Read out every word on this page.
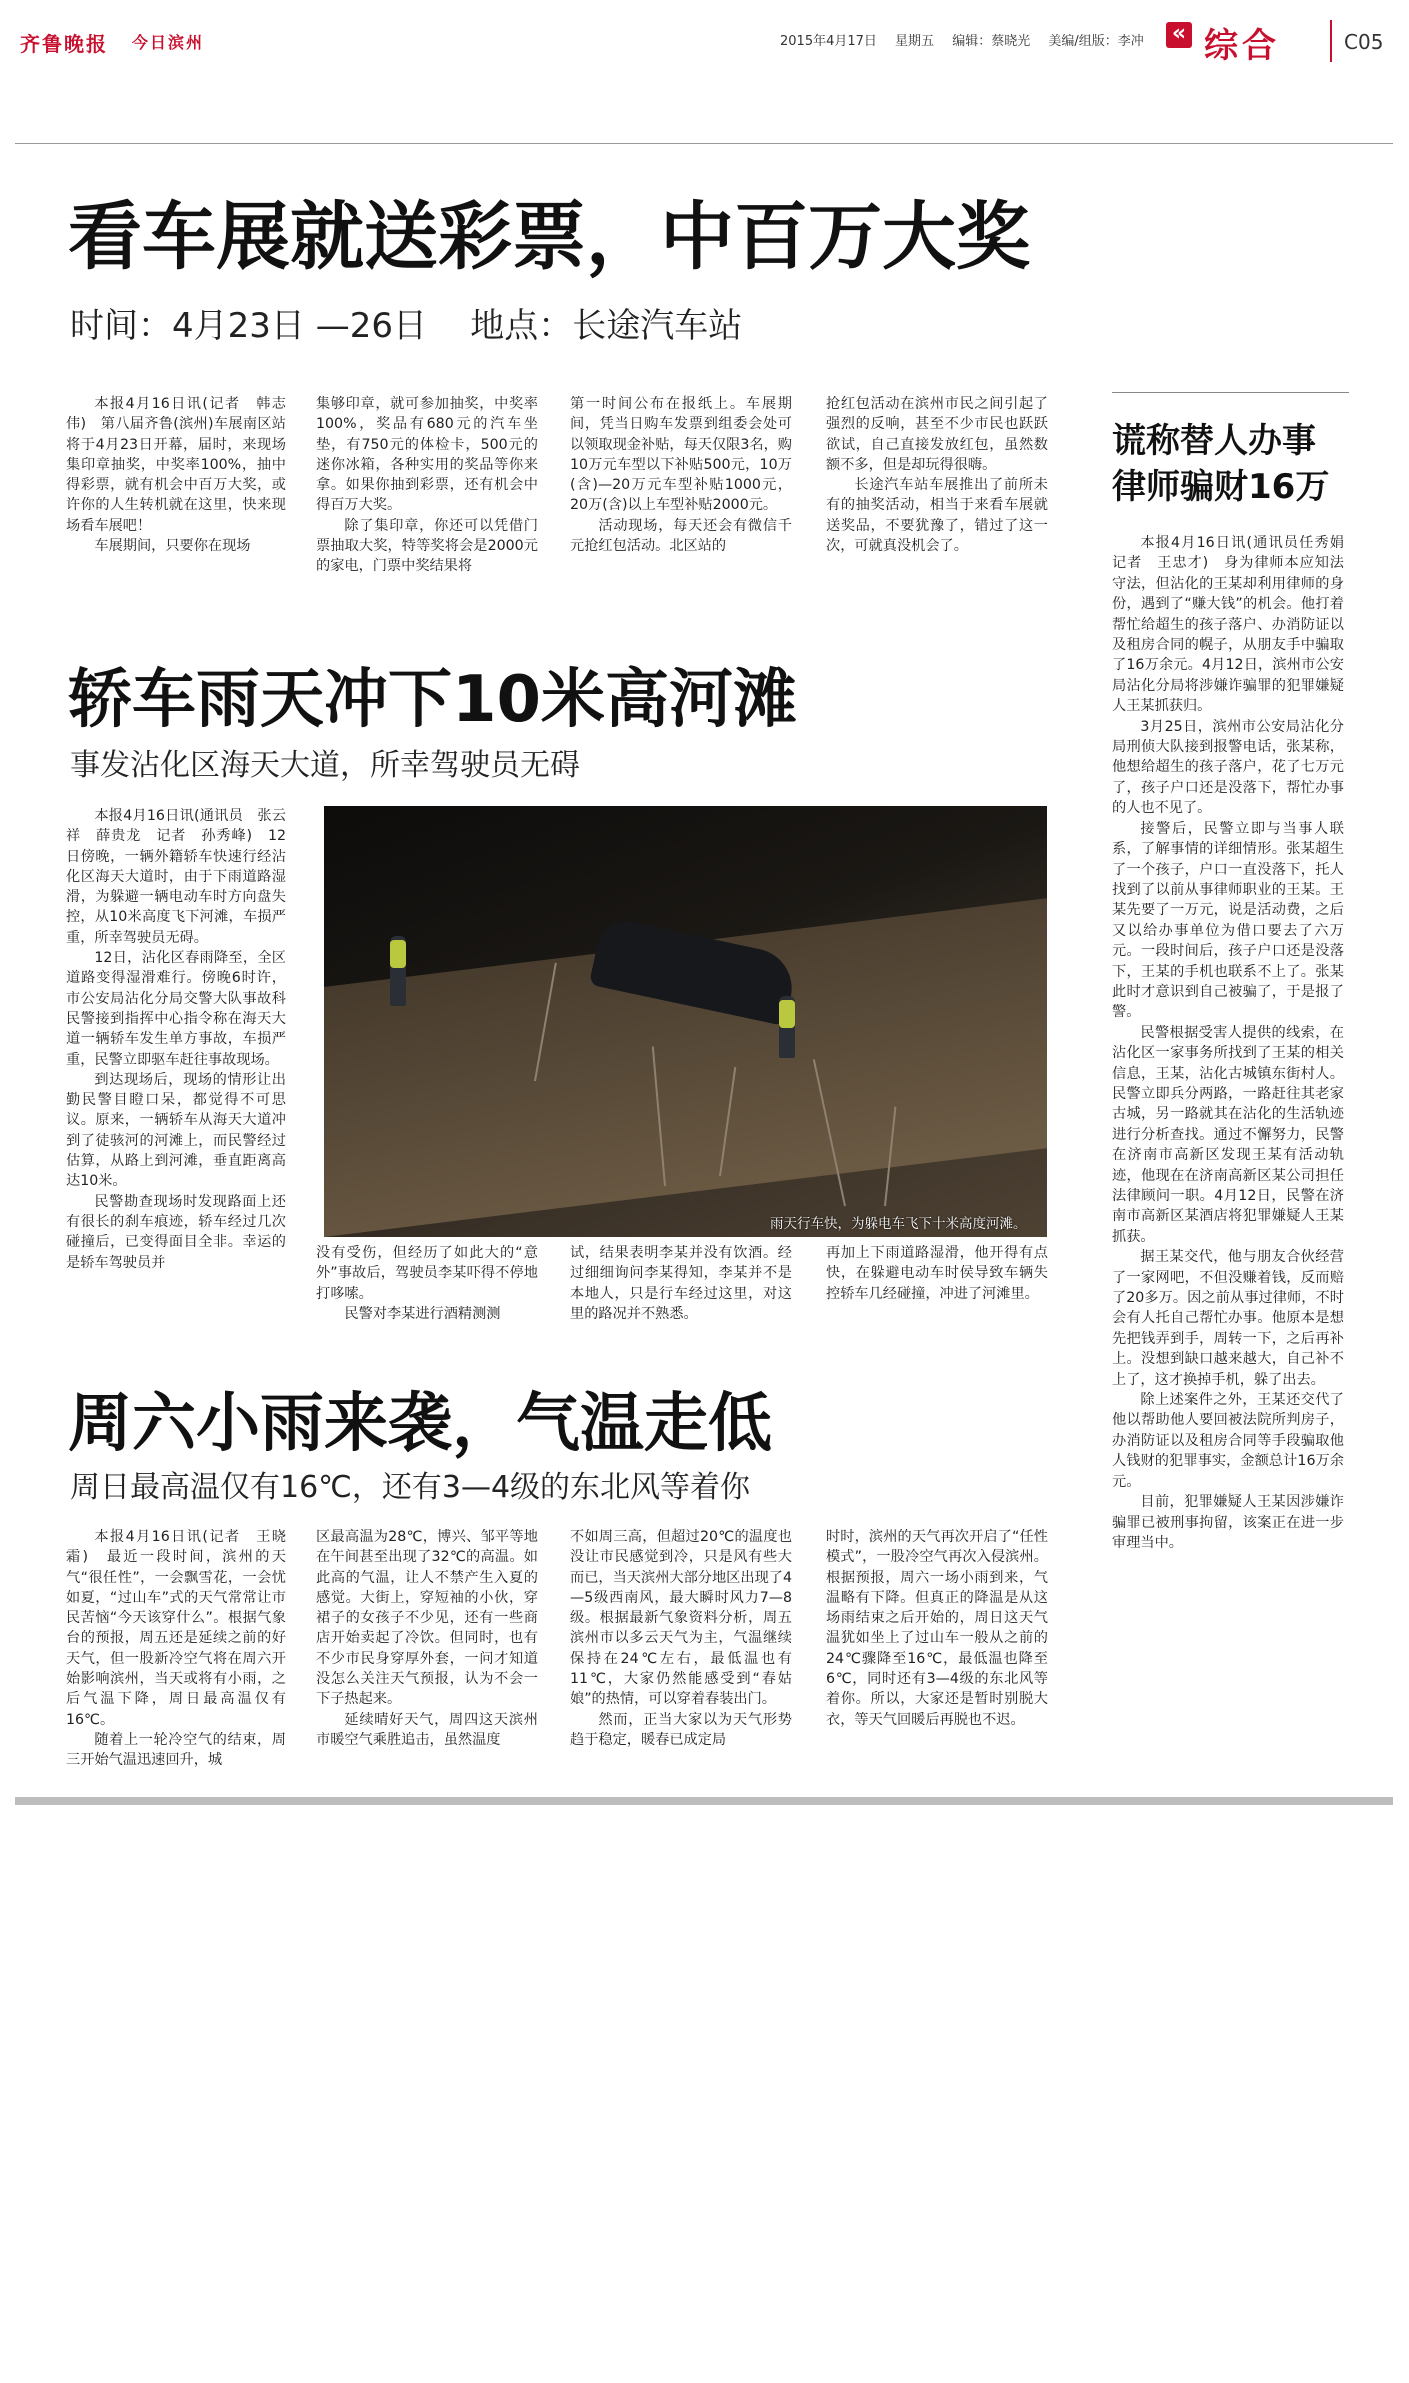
齐鲁晚报 今日滨州	2015年4月17日 星期五 编辑：蔡晓光 美编/组版：李冲	« 综合	C05
看车展就送彩票，中百万大奖
时间：4月23日 —26日    地点：长途汽车站

本报4月16日讯(记者　韩志伟)　第八届齐鲁(滨州)车展南区站将于4月23日开幕，届时，来现场集印章抽奖，中奖率100%，抽中得彩票，就有机会中百万大奖，或许你的人生转机就在这里，快来现场看车展吧！

车展期间，只要你在现场

集够印章，就可参加抽奖，中奖率100%，奖品有680元的汽车坐垫，有750元的体检卡，500元的迷你冰箱，各种实用的奖品等你来拿。如果你抽到彩票，还有机会中得百万大奖。

除了集印章，你还可以凭借门票抽取大奖，特等奖将会是2000元的家电，门票中奖结果将

第一时间公布在报纸上。车展期间，凭当日购车发票到组委会处可以领取现金补贴，每天仅限3名，购10万元车型以下补贴500元，10万(含)—20万元车型补贴1000元，20万(含)以上车型补贴2000元。

活动现场，每天还会有微信千元抢红包活动。北区站的

抢红包活动在滨州市民之间引起了强烈的反响，甚至不少市民也跃跃欲试，自己直接发放红包，虽然数额不多，但是却玩得很嗨。

长途汽车站车展推出了前所未有的抽奖活动，相当于来看车展就送奖品，不要犹豫了，错过了这一次，可就真没机会了。

谎称替人办事
律师骗财16万

本报4月16日讯(通讯员任秀娟　记者　王忠才)　身为律师本应知法守法，但沾化的王某却利用律师的身份，遇到了“赚大钱”的机会。他打着帮忙给超生的孩子落户、办消防证以及租房合同的幌子，从朋友手中骗取了16万余元。4月12日，滨州市公安局沾化分局将涉嫌诈骗罪的犯罪嫌疑人王某抓获归。

3月25日，滨州市公安局沾化分局刑侦大队接到报警电话，张某称，他想给超生的孩子落户，花了七万元了，孩子户口还是没落下，帮忙办事的人也不见了。

接警后，民警立即与当事人联系，了解事情的详细情形。张某超生了一个孩子，户口一直没落下，托人找到了以前从事律师职业的王某。王某先要了一万元，说是活动费，之后又以给办事单位为借口要去了六万元。一段时间后，孩子户口还是没落下，王某的手机也联系不上了。张某此时才意识到自己被骗了，于是报了警。

民警根据受害人提供的线索，在沾化区一家事务所找到了王某的相关信息，王某，沾化古城镇东街村人。民警立即兵分两路，一路赶往其老家古城，另一路就其在沾化的生活轨迹进行分析查找。通过不懈努力，民警在济南市高新区发现王某有活动轨迹，他现在在济南高新区某公司担任法律顾问一职。4月12日，民警在济南市高新区某酒店将犯罪嫌疑人王某抓获。

据王某交代，他与朋友合伙经营了一家网吧，不但没赚着钱，反而赔了20多万。因之前从事过律师，不时会有人托自己帮忙办事。他原本是想先把钱弄到手，周转一下，之后再补上。没想到缺口越来越大，自己补不上了，这才换掉手机，躲了出去。

除上述案件之外，王某还交代了他以帮助他人要回被法院所判房子，办消防证以及租房合同等手段骗取他人钱财的犯罪事实，金额总计16万余元。

目前，犯罪嫌疑人王某因涉嫌诈骗罪已被刑事拘留，该案正在进一步审理当中。

轿车雨天冲下10米高河滩
事发沾化区海天大道，所幸驾驶员无碍

本报4月16日讯(通讯员　张云祥　薛贵龙　记者　孙秀峰)　12日傍晚，一辆外籍轿车快速行经沾化区海天大道时，由于下雨道路湿滑，为躲避一辆电动车时方向盘失控，从10米高度飞下河滩，车损严重，所幸驾驶员无碍。

12日，沾化区春雨降至，全区道路变得湿滑难行。傍晚6时许，市公安局沾化分局交警大队事故科民警接到指挥中心指令称在海天大道一辆轿车发生单方事故，车损严重，民警立即驱车赶往事故现场。

到达现场后，现场的情形让出勤民警目瞪口呆，都觉得不可思议。原来，一辆轿车从海天大道冲到了徒骇河的河滩上，而民警经过估算，从路上到河滩，垂直距离高达10米。

民警勘查现场时发现路面上还有很长的刹车痕迹，轿车经过几次碰撞后，已变得面目全非。幸运的是轿车驾驶员并

雨天行车快，为躲电车飞下十米高度河滩。

没有受伤，但经历了如此大的“意外”事故后，驾驶员李某吓得不停地打哆嗦。

民警对李某进行酒精测测

试，结果表明李某并没有饮酒。经过细细询问李某得知，李某并不是本地人，只是行车经过这里，对这里的路况并不熟悉。

再加上下雨道路湿滑，他开得有点快，在躲避电动车时侯导致车辆失控轿车几经碰撞，冲进了河滩里。

周六小雨来袭，气温走低
周日最高温仅有16℃，还有3—4级的东北风等着你

本报4月16日讯(记者　王晓霜)　最近一段时间，滨州的天气“很任性”，一会飘雪花，一会忧如夏，“过山车”式的天气常常让市民苦恼“今天该穿什么”。根据气象台的预报，周五还是延续之前的好天气，但一股新冷空气将在周六开始影响滨州，当天或将有小雨，之后气温下降，周日最高温仅有16℃。

随着上一轮冷空气的结束，周三开始气温迅速回升，城

区最高温为28℃，博兴、邹平等地在午间甚至出现了32℃的高温。如此高的气温，让人不禁产生入夏的感觉。大街上，穿短袖的小伙，穿裙子的女孩子不少见，还有一些商店开始卖起了冷饮。但同时，也有不少市民身穿厚外套，一问才知道没怎么关注天气预报，认为不会一下子热起来。

延续晴好天气，周四这天滨州市暖空气乘胜追击，虽然温度

不如周三高，但超过20℃的温度也没让市民感觉到冷，只是风有些大而已，当天滨州大部分地区出现了4—5级西南风，最大瞬时风力7—8级。根据最新气象资料分析，周五滨州市以多云天气为主，气温继续保持在24℃左右，最低温也有11℃，大家仍然能感受到“春姑娘”的热情，可以穿着春装出门。

然而，正当大家以为天气形势趋于稳定，暖春已成定局

时时，滨州的天气再次开启了“任性模式”，一股冷空气再次入侵滨州。根据预报，周六一场小雨到来，气温略有下降。但真正的降温是从这场雨结束之后开始的，周日这天气温犹如坐上了过山车一般从之前的24℃骤降至16℃，最低温也降至6℃，同时还有3—4级的东北风等着你。所以，大家还是暂时别脱大衣，等天气回暖后再脱也不迟。
